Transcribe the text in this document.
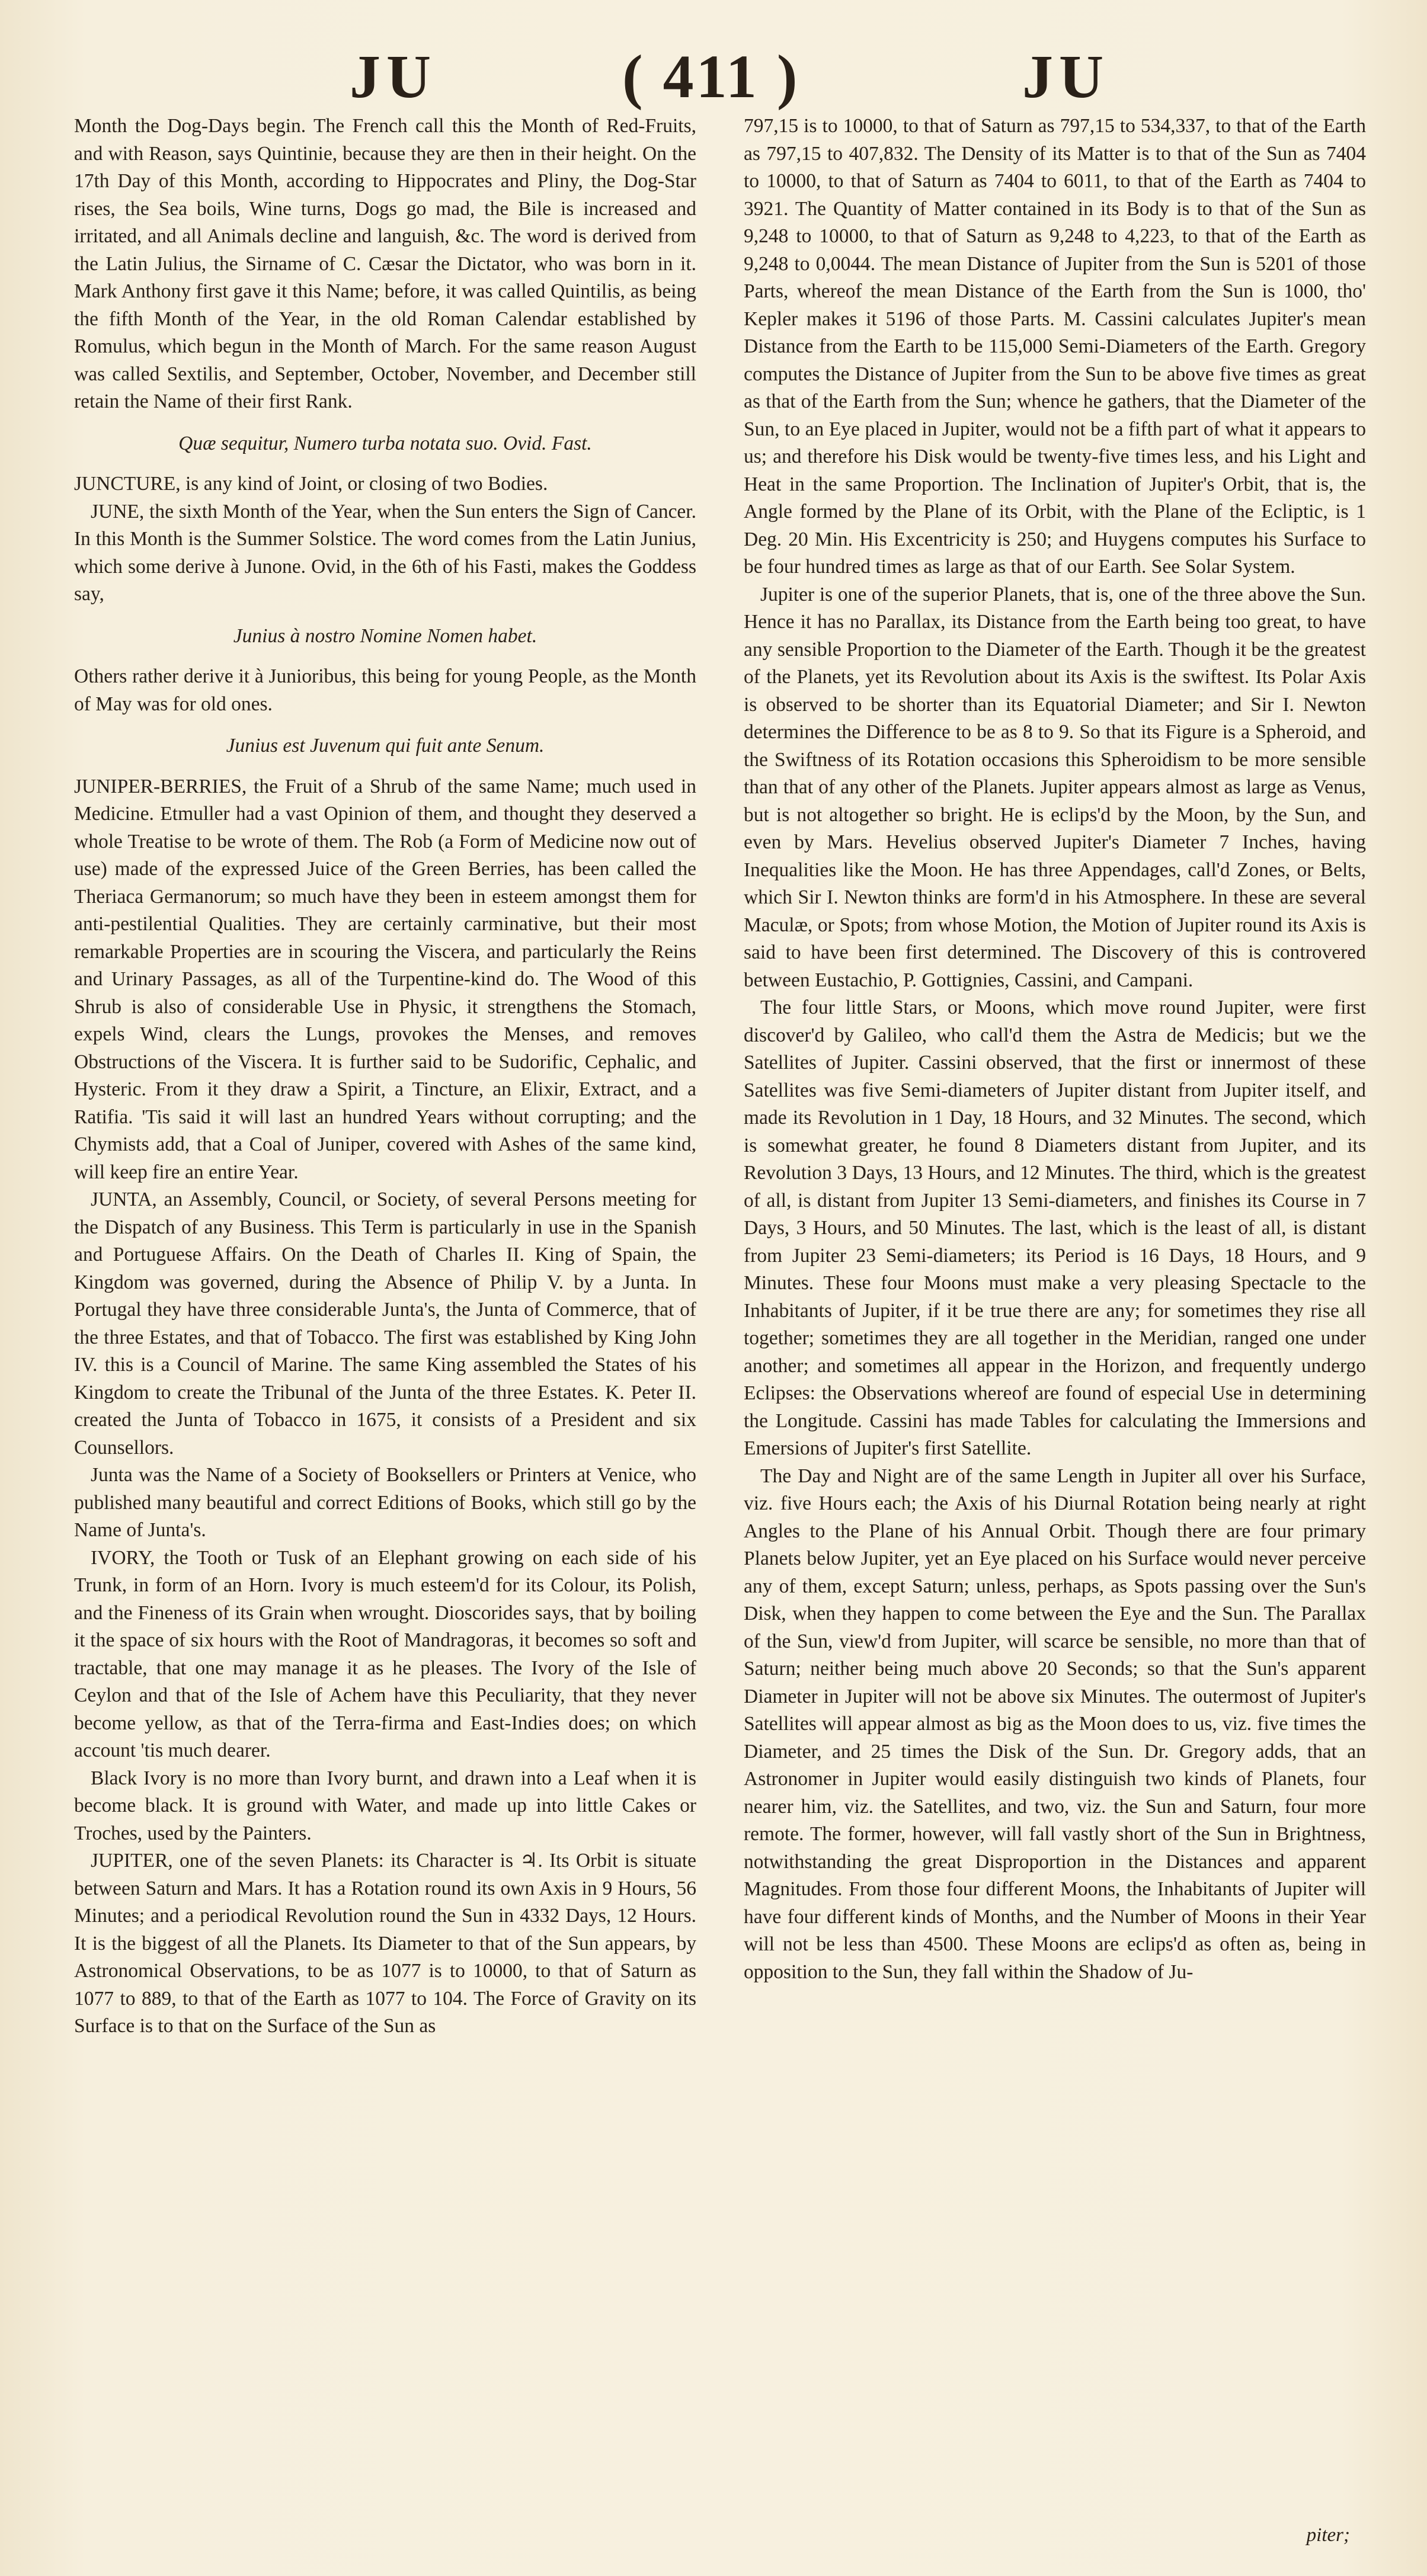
JU	( 411 )	JU

Month the Dog-Days begin. The French call this the Month of Red-Fruits, and with Reason, says Quintinie, because they are then in their height. On the 17th Day of this Month, according to Hippocrates and Pliny, the Dog-Star rises, the Sea boils, Wine turns, Dogs go mad, the Bile is increased and irritated, and all Animals decline and languish, &c. The word is derived from the Latin Julius, the Sirname of C. Cæsar the Dictator, who was born in it. Mark Anthony first gave it this Name; before, it was called Quintilis, as being the fifth Month of the Year, in the old Roman Calendar established by Romulus, which begun in the Month of March. For the same reason August was called Sextilis, and September, October, November, and December still retain the Name of their first Rank.

Quæ sequitur, Numero turba notata suo. Ovid. Fast.

JUNCTURE, is any kind of Joint, or closing of two Bodies.

JUNE, the sixth Month of the Year, when the Sun enters the Sign of Cancer. In this Month is the Summer Solstice. The word comes from the Latin Junius, which some derive à Junone. Ovid, in the 6th of his Fasti, makes the Goddess say,

Junius à nostro Nomine Nomen habet.

Others rather derive it à Junioribus, this being for young People, as the Month of May was for old ones.

Junius est Juvenum qui fuit ante Senum.

JUNIPER-BERRIES, the Fruit of a Shrub of the same Name; much used in Medicine. Etmuller had a vast Opinion of them, and thought they deserved a whole Treatise to be wrote of them. The Rob (a Form of Medicine now out of use) made of the expressed Juice of the Green Berries, has been called the Theriaca Germanorum; so much have they been in esteem amongst them for anti-pestilential Qualities. They are certainly carminative, but their most remarkable Properties are in scouring the Viscera, and particularly the Reins and Urinary Passages, as all of the Turpentine-kind do. The Wood of this Shrub is also of considerable Use in Physic, it strengthens the Stomach, expels Wind, clears the Lungs, provokes the Menses, and removes Obstructions of the Viscera. It is further said to be Sudorific, Cephalic, and Hysteric. From it they draw a Spirit, a Tincture, an Elixir, Extract, and a Ratifia. 'Tis said it will last an hundred Years without corrupting; and the Chymists add, that a Coal of Juniper, covered with Ashes of the same kind, will keep fire an entire Year.

JUNTA, an Assembly, Council, or Society, of several Persons meeting for the Dispatch of any Business. This Term is particularly in use in the Spanish and Portuguese Affairs. On the Death of Charles II. King of Spain, the Kingdom was governed, during the Absence of Philip V. by a Junta. In Portugal they have three considerable Junta's, the Junta of Commerce, that of the three Estates, and that of Tobacco. The first was established by King John IV. this is a Council of Marine. The same King assembled the States of his Kingdom to create the Tribunal of the Junta of the three Estates. K. Peter II. created the Junta of Tobacco in 1675, it consists of a President and six Counsellors.

Junta was the Name of a Society of Booksellers or Printers at Venice, who published many beautiful and correct Editions of Books, which still go by the Name of Junta's.

IVORY, the Tooth or Tusk of an Elephant growing on each side of his Trunk, in form of an Horn. Ivory is much esteem'd for its Colour, its Polish, and the Fineness of its Grain when wrought. Dioscorides says, that by boiling it the space of six hours with the Root of Mandragoras, it becomes so soft and tractable, that one may manage it as he pleases. The Ivory of the Isle of Ceylon and that of the Isle of Achem have this Peculiarity, that they never become yellow, as that of the Terra-firma and East-Indies does; on which account 'tis much dearer.

Black Ivory is no more than Ivory burnt, and drawn into a Leaf when it is become black. It is ground with Water, and made up into little Cakes or Troches, used by the Painters.

JUPITER, one of the seven Planets: its Character is ♃. Its Orbit is situate between Saturn and Mars. It has a Rotation round its own Axis in 9 Hours, 56 Minutes; and a periodical Revolution round the Sun in 4332 Days, 12 Hours. It is the biggest of all the Planets. Its Diameter to that of the Sun appears, by Astronomical Observations, to be as 1077 is to 10000, to that of Saturn as 1077 to 889, to that of the Earth as 1077 to 104. The Force of Gravity on its Surface is to that on the Surface of the Sun as

797,15 is to 10000, to that of Saturn as 797,15 to 534,337, to that of the Earth as 797,15 to 407,832. The Density of its Matter is to that of the Sun as 7404 to 10000, to that of Saturn as 7404 to 6011, to that of the Earth as 7404 to 3921. The Quantity of Matter contained in its Body is to that of the Sun as 9,248 to 10000, to that of Saturn as 9,248 to 4,223, to that of the Earth as 9,248 to 0,0044. The mean Distance of Jupiter from the Sun is 5201 of those Parts, whereof the mean Distance of the Earth from the Sun is 1000, tho' Kepler makes it 5196 of those Parts. M. Cassini calculates Jupiter's mean Distance from the Earth to be 115,000 Semi-Diameters of the Earth. Gregory computes the Distance of Jupiter from the Sun to be above five times as great as that of the Earth from the Sun; whence he gathers, that the Diameter of the Sun, to an Eye placed in Jupiter, would not be a fifth part of what it appears to us; and therefore his Disk would be twenty-five times less, and his Light and Heat in the same Proportion. The Inclination of Jupiter's Orbit, that is, the Angle formed by the Plane of its Orbit, with the Plane of the Ecliptic, is 1 Deg. 20 Min. His Excentricity is 250; and Huygens computes his Surface to be four hundred times as large as that of our Earth. See Solar System.

Jupiter is one of the superior Planets, that is, one of the three above the Sun. Hence it has no Parallax, its Distance from the Earth being too great, to have any sensible Proportion to the Diameter of the Earth. Though it be the greatest of the Planets, yet its Revolution about its Axis is the swiftest. Its Polar Axis is observed to be shorter than its Equatorial Diameter; and Sir I. Newton determines the Difference to be as 8 to 9. So that its Figure is a Spheroid, and the Swiftness of its Rotation occasions this Spheroidism to be more sensible than that of any other of the Planets. Jupiter appears almost as large as Venus, but is not altogether so bright. He is eclips'd by the Moon, by the Sun, and even by Mars. Hevelius observed Jupiter's Diameter 7 Inches, having Inequalities like the Moon. He has three Appendages, call'd Zones, or Belts, which Sir I. Newton thinks are form'd in his Atmosphere. In these are several Maculæ, or Spots; from whose Motion, the Motion of Jupiter round its Axis is said to have been first determined. The Discovery of this is controvered between Eustachio, P. Gottignies, Cassini, and Campani.

The four little Stars, or Moons, which move round Jupiter, were first discover'd by Galileo, who call'd them the Astra de Medicis; but we the Satellites of Jupiter. Cassini observed, that the first or innermost of these Satellites was five Semi-diameters of Jupiter distant from Jupiter itself, and made its Revolution in 1 Day, 18 Hours, and 32 Minutes. The second, which is somewhat greater, he found 8 Diameters distant from Jupiter, and its Revolution 3 Days, 13 Hours, and 12 Minutes. The third, which is the greatest of all, is distant from Jupiter 13 Semi-diameters, and finishes its Course in 7 Days, 3 Hours, and 50 Minutes. The last, which is the least of all, is distant from Jupiter 23 Semi-diameters; its Period is 16 Days, 18 Hours, and 9 Minutes. These four Moons must make a very pleasing Spectacle to the Inhabitants of Jupiter, if it be true there are any; for sometimes they rise all together; sometimes they are all together in the Meridian, ranged one under another; and sometimes all appear in the Horizon, and frequently undergo Eclipses: the Observations whereof are found of especial Use in determining the Longitude. Cassini has made Tables for calculating the Immersions and Emersions of Jupiter's first Satellite.

The Day and Night are of the same Length in Jupiter all over his Surface, viz. five Hours each; the Axis of his Diurnal Rotation being nearly at right Angles to the Plane of his Annual Orbit. Though there are four primary Planets below Jupiter, yet an Eye placed on his Surface would never perceive any of them, except Saturn; unless, perhaps, as Spots passing over the Sun's Disk, when they happen to come between the Eye and the Sun. The Parallax of the Sun, view'd from Jupiter, will scarce be sensible, no more than that of Saturn; neither being much above 20 Seconds; so that the Sun's apparent Diameter in Jupiter will not be above six Minutes. The outermost of Jupiter's Satellites will appear almost as big as the Moon does to us, viz. five times the Diameter, and 25 times the Disk of the Sun. Dr. Gregory adds, that an Astronomer in Jupiter would easily distinguish two kinds of Planets, four nearer him, viz. the Satellites, and two, viz. the Sun and Saturn, four more remote. The former, however, will fall vastly short of the Sun in Brightness, notwithstanding the great Disproportion in the Distances and apparent Magnitudes. From those four different Moons, the Inhabitants of Jupiter will have four different kinds of Months, and the Number of Moons in their Year will not be less than 4500. These Moons are eclips'd as often as, being in opposition to the Sun, they fall within the Shadow of Ju-

piter;
